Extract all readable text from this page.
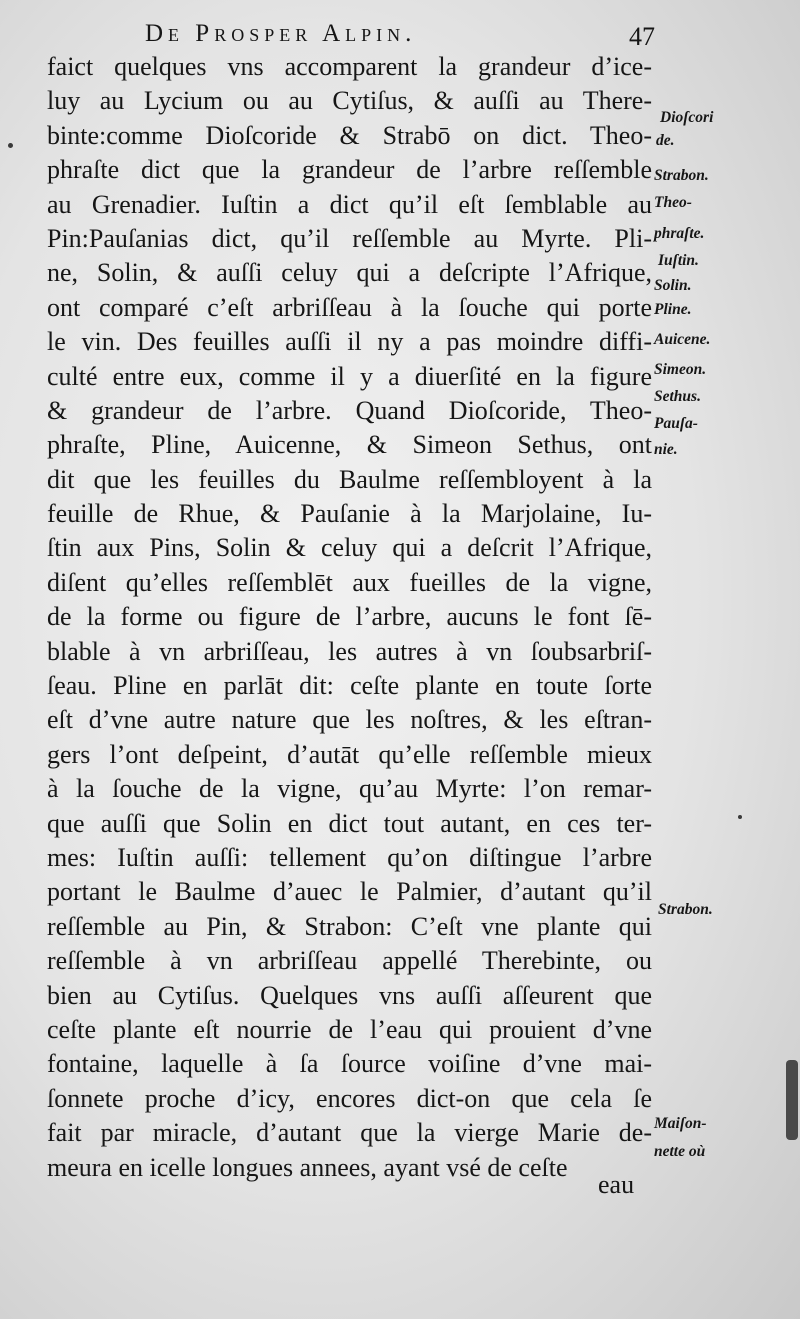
De Prosper Alpin.	47
faict quelques vns accomparent la grandeur d’ice-
luy au Lycium ou au Cytiſus, & auſſi au There-
binte:comme Dioſcoride & Strabō on dict. Theo-
phraſte dict que la grandeur de l’arbre reſſemble
au Grenadier. Iuſtin a dict qu’il eſt ſemblable au
Pin:Pauſanias dict, qu’il reſſemble au Myrte. Pli-
ne, Solin, & auſſi celuy qui a deſcripte l’Afrique,
ont comparé c’eſt arbriſſeau à la ſouche qui porte
le vin. Des feuilles auſſi il ny a pas moindre diffi-
culté entre eux, comme il y a diuerſité en la figure
& grandeur de l’arbre. Quand Dioſcoride, Theo-
phraſte, Pline, Auicenne, & Simeon Sethus, ont
dit que les feuilles du Baulme reſſembloyent à la
feuille de Rhue, & Pauſanie à la Marjolaine, Iu-
ſtin aux Pins, Solin & celuy qui a deſcrit l’Afrique,
diſent qu’elles reſſemblēt aux fueilles de la vigne,
de la forme ou figure de l’arbre, aucuns le font ſē-
blable à vn arbriſſeau, les autres à vn ſoubsarbriſ-
ſeau. Pline en parlāt dit: ceſte plante en toute ſorte
eſt d’vne autre nature que les noſtres, & les eſtran-
gers l’ont deſpeint, d’autāt qu’elle reſſemble mieux
à la ſouche de la vigne, qu’au Myrte: l’on remar-
que auſſi que Solin en dict tout autant, en ces ter-
mes: Iuſtin auſſi: tellement qu’on diſtingue l’arbre
portant le Baulme d’auec le Palmier, d’autant qu’il
reſſemble au Pin, & Strabon: C’eſt vne plante qui
reſſemble à vn arbriſſeau appellé Therebinte, ou
bien au Cytiſus. Quelques vns auſſi aſſeurent que
ceſte plante eſt nourrie de l’eau qui prouient d’vne
fontaine, laquelle à ſa ſource voiſine d’vne mai-
ſonnete proche d’icy, encores dict-on que cela ſe
fait par miracle, d’autant que la vierge Marie de-
meura en icelle longues annees, ayant vsé de ceſte
eau
Dioſcori
de.
Strabon.
Theo-
phraſte.
Iuſtin.
Solin.
Pline.
Auicene.
Simeon.
Sethus.
Pauſa-
nie.
Strabon.
Maiſon-
nette où
